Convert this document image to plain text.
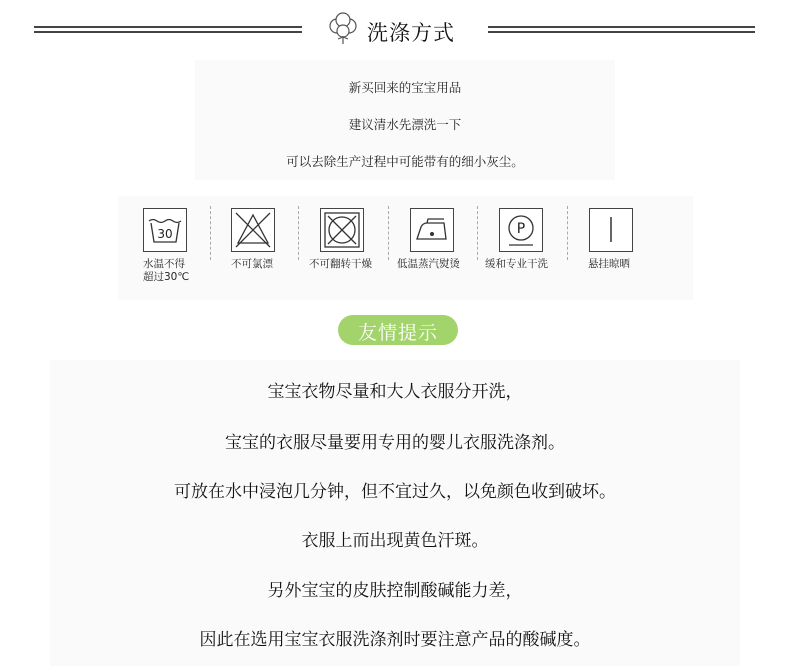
洗涤方式
新买回来的宝宝用品
建议清水先漂洗一下
可以去除生产过程中可能带有的细小灰尘。
30	P
水温不得
超过30℃
不可氯漂	不可翻转干燥 低温蒸汽熨烫 缓和专业干洗	悬挂晾晒
友情提示
宝宝衣物尽量和大人衣服分开洗，
宝宝的衣服尽量要用专用的婴儿衣服洗涤剂。
可放在水中浸泡几分钟，但不宜过久，以免颜色收到破坏。
衣服上而出现黄色汗斑。
另外宝宝的皮肤控制酸碱能力差，
因此在选用宝宝衣服洗涤剂时要注意产品的酸碱度。
